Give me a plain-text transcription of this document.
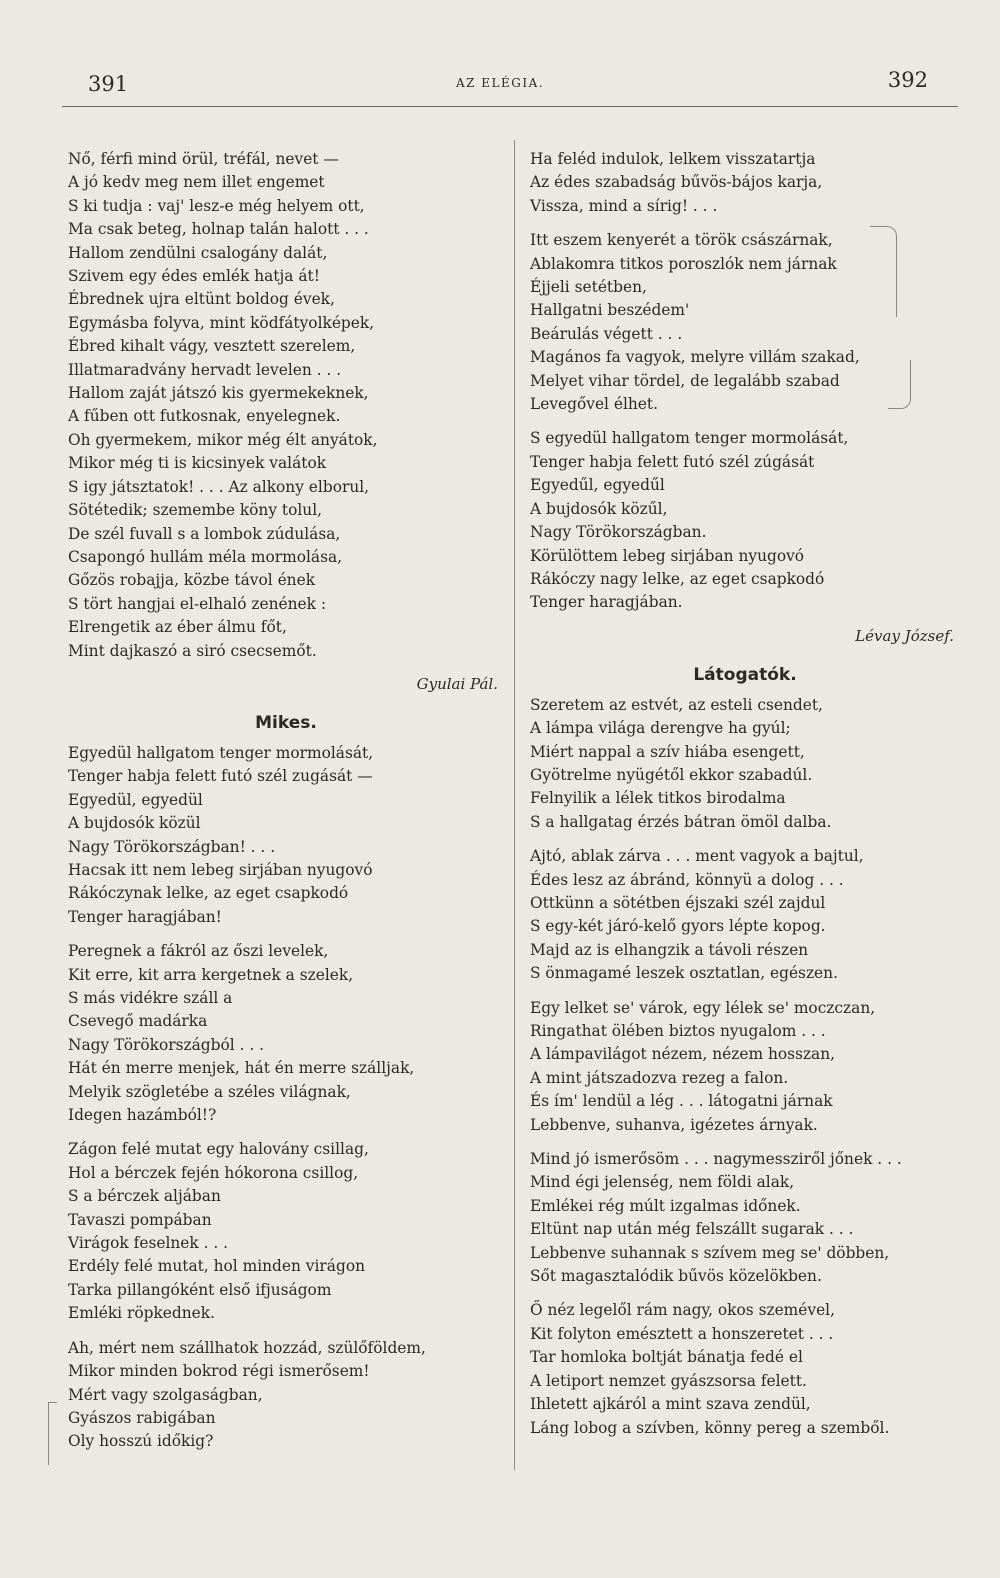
391	AZ ELÉGIA.	392
Nő, férfi mind örül, tréfál, nevet —
A jó kedv meg nem illet engemet
S ki tudja : vaj' lesz-e még helyem ott,
Ma csak beteg, holnap talán halott . . .
Hallom zendülni csalogány dalát,
Szivem egy édes emlék hatja át!
Ébrednek ujra eltünt boldog évek,
Egymásba folyva, mint ködfátyolképek,
Ébred kihalt vágy, vesztett szerelem,
Illatmaradvány hervadt levelen . . .
Hallom zaját játszó kis gyermekeknek,
A fűben ott futkosnak, enyelegnek.
Oh gyermekem, mikor még élt anyátok,
Mikor még ti is kicsinyek valátok
S igy játsztatok! . . . Az alkony elborul,
Sötétedik; szemembe köny tolul,
De szél fuvall s a lombok zúdulása,
Csapongó hullám méla mormolása,
Gőzös robajja, közbe távol ének
S tört hangjai el-elhaló zenének :
Elrengetik az éber álmu főt,
Mint dajkaszó a siró csecsemőt.
Gyulai Pál.
Mikes.
Egyedül hallgatom tenger mormolását,
Tenger habja felett futó szél zugását —
Egyedül, egyedül
A bujdosók közül
Nagy Törökországban! . . .
Hacsak itt nem lebeg sirjában nyugovó
Rákóczynak lelke, az eget csapkodó
Tenger haragjában!
Peregnek a fákról az őszi levelek,
Kit erre, kit arra kergetnek a szelek,
S más vidékre száll a
Csevegő madárka
Nagy Törökországból . . .
Hát én merre menjek, hát én merre szálljak,
Melyik szögletébe a széles világnak,
Idegen hazámból!?
Zágon felé mutat egy halovány csillag,
Hol a bérczek fején hókorona csillog,
S a bérczek aljában
Tavaszi pompában
Virágok feselnek . . .
Erdély felé mutat, hol minden virágon
Tarka pillangóként első ifjuságom
Emléki röpkednek.
Ah, mért nem szállhatok hozzád, szülőföldem,
Mikor minden bokrod régi ismerősem!
Mért vagy szolgaságban,
Gyászos rabigában
Oly hosszú időkig?
Ha feléd indulok, lelkem visszatartja
Az édes szabadság bűvös-bájos karja,
Vissza, mind a sírig! . . .
Itt eszem kenyerét a török császárnak,
Ablakomra titkos poroszlók nem járnak
Éjjeli setétben,
Hallgatni beszédem'
Beárulás végett . . .
Magános fa vagyok, melyre villám szakad,
Melyet vihar tördel, de legalább szabad
Levegővel élhet.
S egyedül hallgatom tenger mormolását,
Tenger habja felett futó szél zúgását
Egyedűl, egyedűl
A bujdosók közűl,
Nagy Törökországban.
Körülöttem lebeg sirjában nyugovó
Rákóczy nagy lelke, az eget csapkodó
Tenger haragjában.
Lévay József.
Látogatók.
Szeretem az estvét, az esteli csendet,
A lámpa világa derengve ha gyúl;
Miért nappal a szív hiába esengett,
Gyötrelme nyügétől ekkor szabadúl.
Felnyilik a lélek titkos birodalma
S a hallgatag érzés bátran ömöl dalba.
Ajtó, ablak zárva . . . ment vagyok a bajtul,
Édes lesz az ábránd, könnyü a dolog . . .
Ottkünn a sötétben éjszaki szél zajdul
S egy-két járó-kelő gyors lépte kopog.
Majd az is elhangzik a távoli részen
S önmagamé leszek osztatlan, egészen.
Egy lelket se' várok, egy lélek se' moczczan,
Ringathat ölében biztos nyugalom . . .
A lámpavilágot nézem, nézem hosszan,
A mint játszadozva rezeg a falon.
És ím' lendül a lég . . . látogatni járnak
Lebbenve, suhanva, igézetes árnyak.
Mind jó ismerősöm . . . nagymessziről jőnek . . .
Mind égi jelenség, nem földi alak,
Emlékei rég múlt izgalmas időnek.
Eltünt nap után még felszállt sugarak . . .
Lebbenve suhannak s szívem meg se' döbben,
Sőt magasztalódik bűvös közelökben.
Ő néz legelől rám nagy, okos szemével,
Kit folyton emésztett a honszeretet . . .
Tar homloka boltját bánatja fedé el
A letiport nemzet gyászsorsa felett.
Ihletett ajkáról a mint szava zendül,
Láng lobog a szívben, könny pereg a szemből.
